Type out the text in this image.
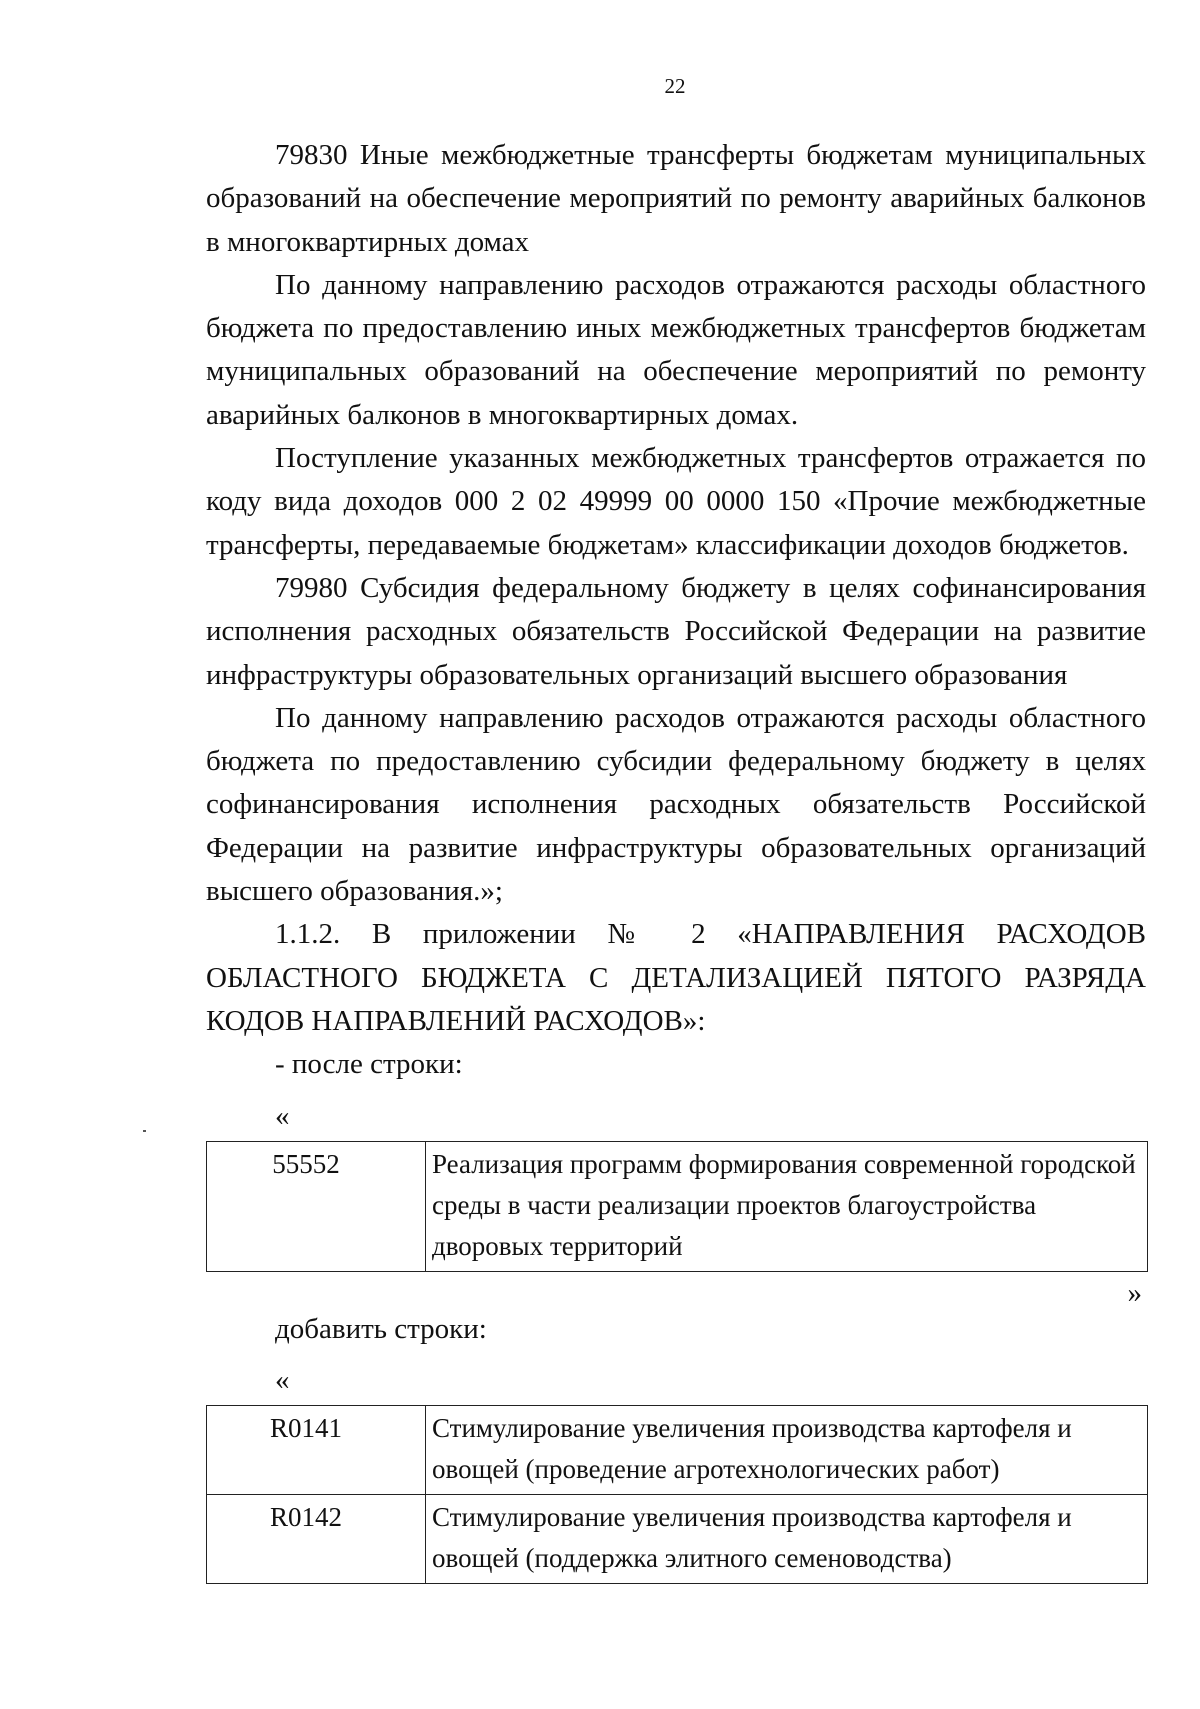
22

79830 Иные межбюджетные трансферты бюджетам муниципальных образований на обеспечение мероприятий по ремонту аварийных балконов в многоквартирных домах

По данному направлению расходов отражаются расходы областного бюджета по предоставлению иных межбюджетных трансфертов бюджетам муниципальных образований на обеспечение мероприятий по ремонту аварийных балконов в многоквартирных домах.

Поступление указанных межбюджетных трансфертов отражается по коду вида доходов 000 2 02 49999 00 0000 150 «Прочие межбюджетные трансферты, передаваемые бюджетам» классификации доходов бюджетов.

79980 Субсидия федеральному бюджету в целях софинансирования исполнения расходных обязательств Российской Федерации на развитие инфраструктуры образовательных организаций высшего образования

По данному направлению расходов отражаются расходы областного бюджета по предоставлению субсидии федеральному бюджету в целях софинансирования исполнения расходных обязательств Российской Федерации на развитие инфраструктуры образовательных организаций высшего образования.»;

1.1.2. В приложении № 2 «НАПРАВЛЕНИЯ РАСХОДОВ ОБЛАСТНОГО БЮДЖЕТА С ДЕТАЛИЗАЦИЕЙ ПЯТОГО РАЗРЯДА КОДОВ НАПРАВЛЕНИЙ РАСХОДОВ»:

- после строки:

«

55552	Реализация программ формирования современной городской среды в части реализации проектов благоустройства дворовых территорий

»

добавить строки:

«

R0141	Стимулирование увеличения производства картофеля и овощей (проведение агротехнологических работ)
R0142	Стимулирование увеличения производства картофеля и овощей (поддержка элитного семеноводства)
